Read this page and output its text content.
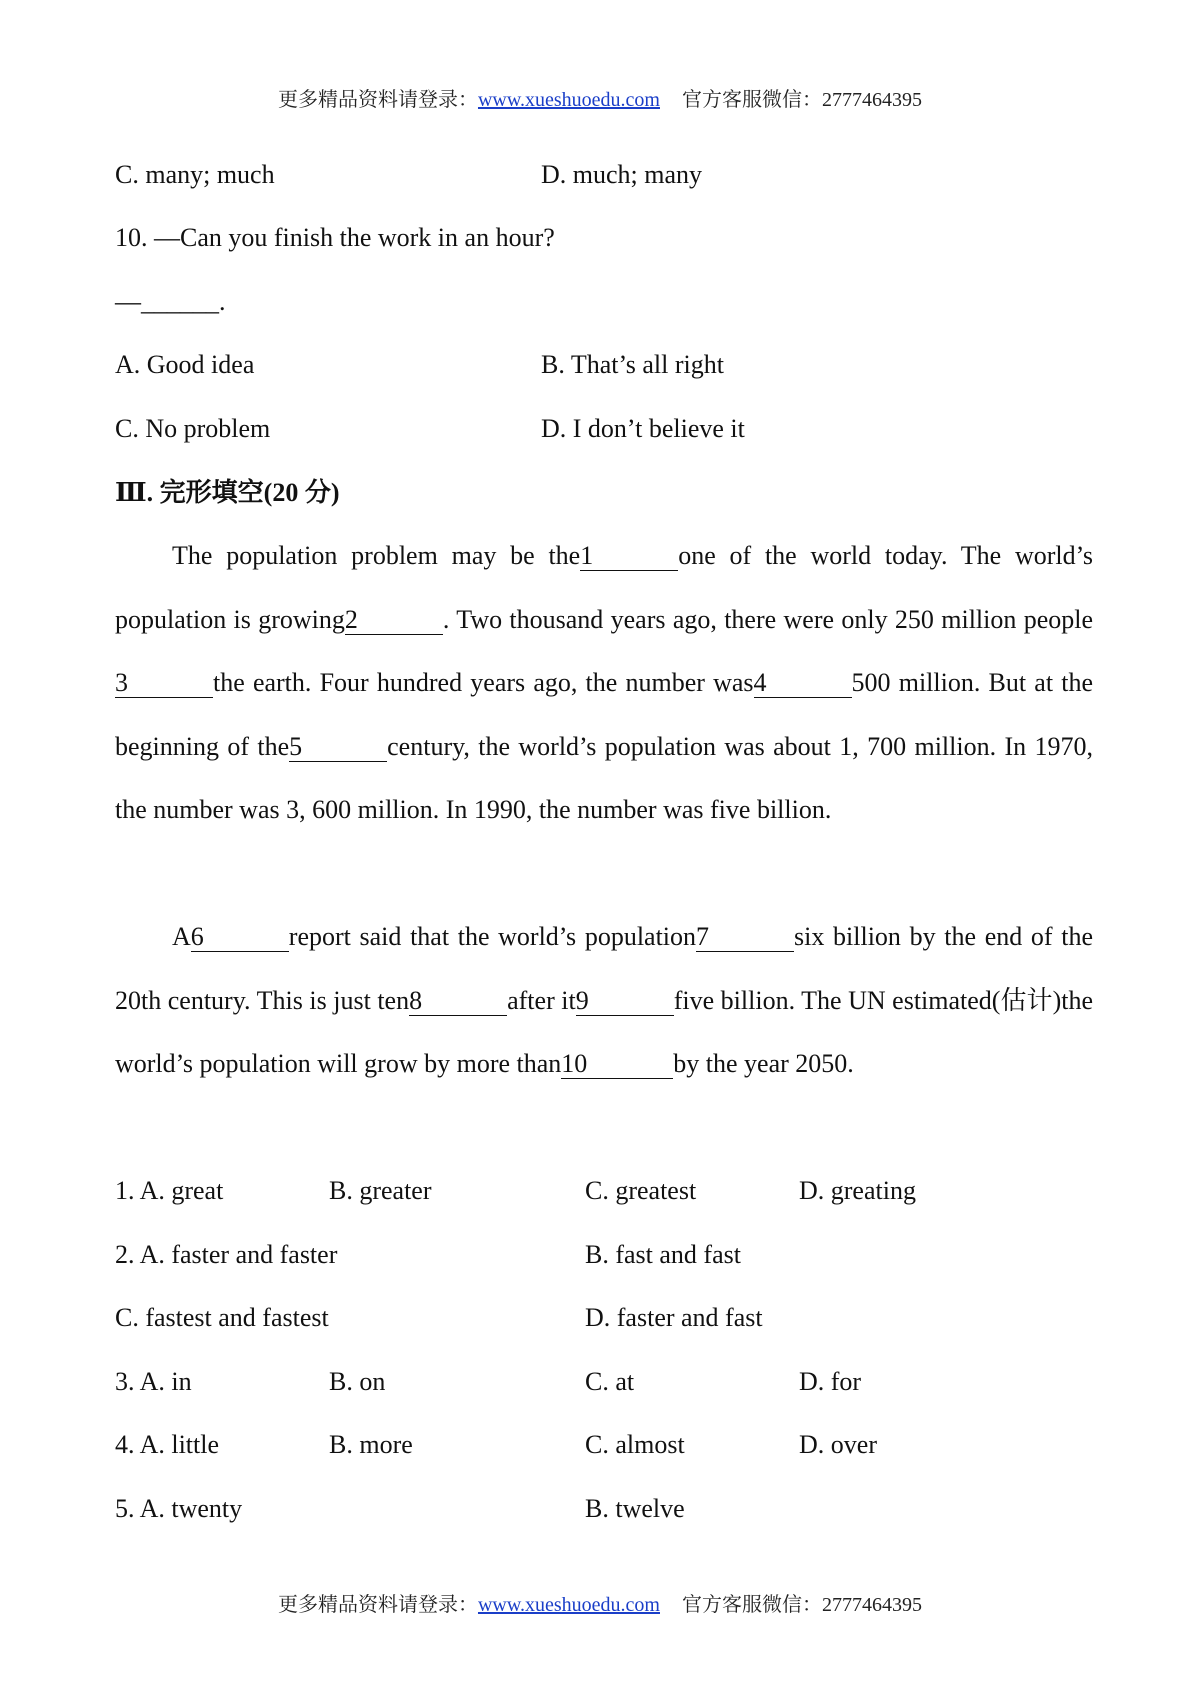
更多精品资料请登录：www.xueshuoedu.com 官方客服微信：2777464395
C. many; much	D. much; many
10. —Can you finish the work in an hour?
—______.
A. Good idea	B. That’s all right
C. No problem	D. I don’t believe it
Ⅲ. 完形填空(20 分)

The population problem may be the1	one of the world today. The world’s population is growing2	. Two thousand years ago, there were only 250 million people3	the earth. Four hundred years ago, the number was4	500 million. But at the beginning of the5	century, the world’s population was about 1, 700 million. In 1970, the number was 3, 600 million. In 1990, the number was five billion.

A6	report said that the world’s population7	six billion by the end of the 20th century. This is just ten8	after it9	five billion. The UN estimated(估计)the world’s population will grow by more than10	by the year 2050.

1. A. great	B. greater	C. greatest	D. greating
2. A. faster and faster	B. fast and fast
C. fastest and fastest	D. faster and fast
3. A. in	B. on	C. at	D. for
4. A. little	B. more	C. almost	D. over
5. A. twenty	B. twelve
更多精品资料请登录：www.xueshuoedu.com 官方客服微信：2777464395
